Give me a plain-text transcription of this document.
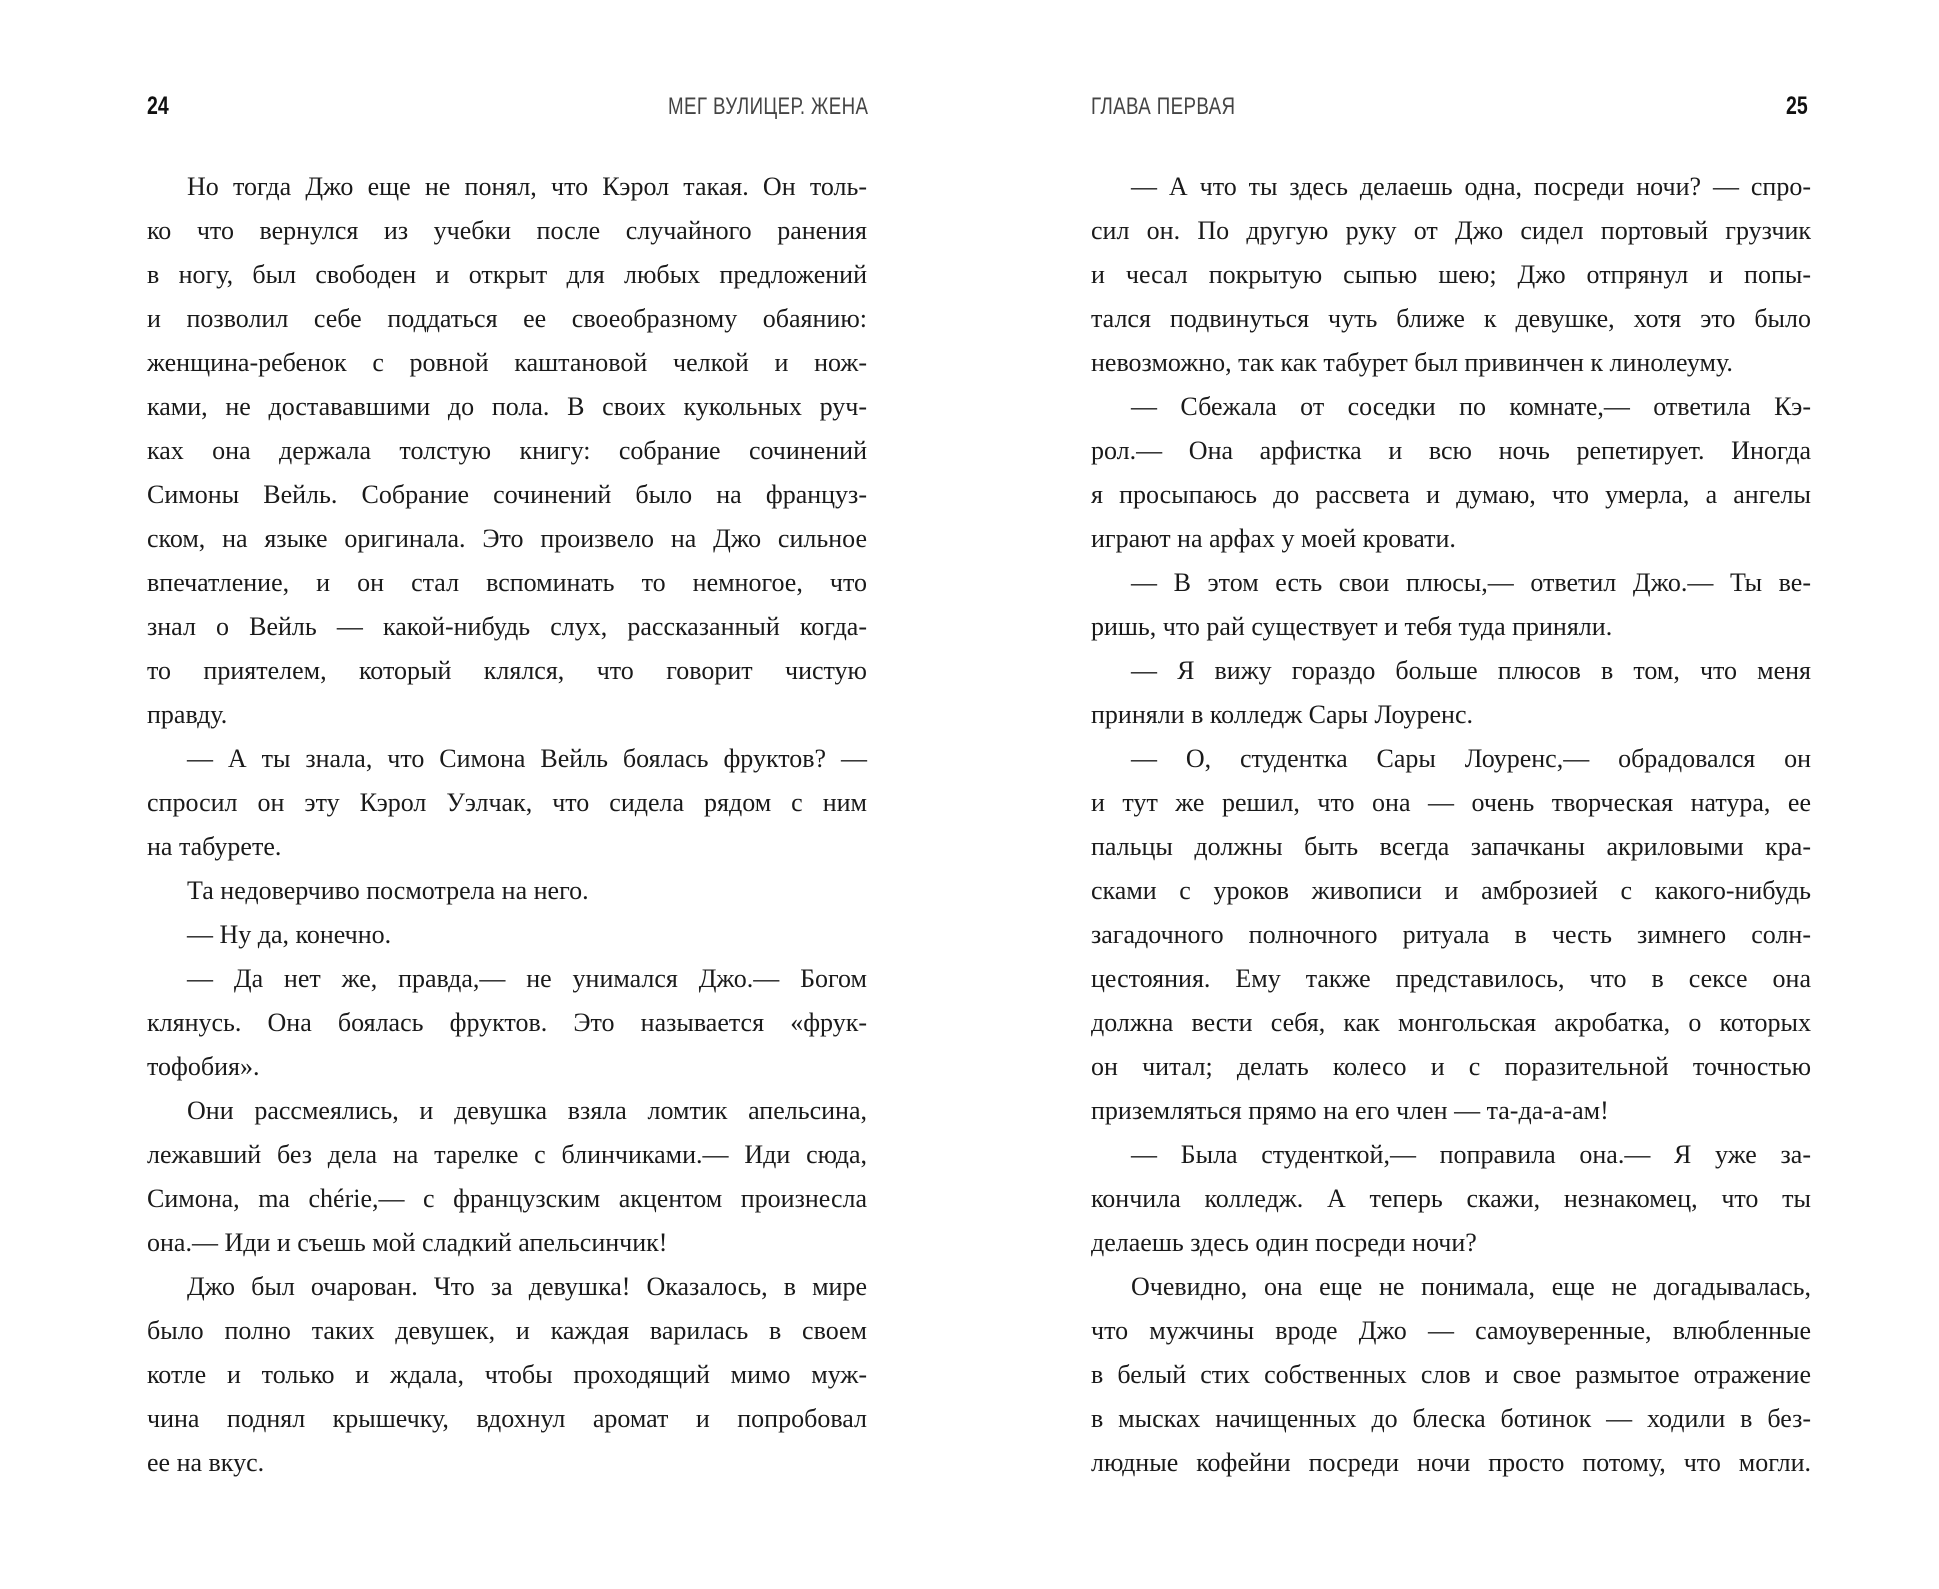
24	МЕГ ВУЛИЦЕР. ЖЕНА
Но тогда Джо еще не понял, что Кэрол такая. Он толь-
ко что вернулся из учебки после случайного ранения
в ногу, был свободен и открыт для любых предложений
и позволил себе поддаться ее своеобразному обаянию:
женщина-ребенок с ровной каштановой челкой и нож-
ками, не достававшими до пола. В своих кукольных руч-
ках она держала толстую книгу: собрание сочинений
Симоны Вейль. Собрание сочинений было на француз-
ском, на языке оригинала. Это произвело на Джо сильное
впечатление, и он стал вспоминать то немногое, что
знал о Вейль — какой-нибудь слух, рассказанный когда-
то приятелем, который клялся, что говорит чистую
правду.
— А ты знала, что Симона Вейль боялась фруктов? —
спросил он эту Кэрол Уэлчак, что сидела рядом с ним
на табурете.
Та недоверчиво посмотрела на него.
— Ну да, конечно.
— Да нет же, правда,— не унимался Джо.— Богом
клянусь. Она боялась фруктов. Это называется «фрук-
тофобия».
Они рассмеялись, и девушка взяла ломтик апельсина,
лежавший без дела на тарелке с блинчиками.— Иди сюда,
Симона, ma chérie,— с французским акцентом произнесла
она.— Иди и съешь мой сладкий апельсинчик!
Джо был очарован. Что за девушка! Оказалось, в мире
было полно таких девушек, и каждая варилась в своем
котле и только и ждала, чтобы проходящий мимо муж-
чина поднял крышечку, вдохнул аромат и попробовал
ее на вкус.
ГЛАВА ПЕРВАЯ	25
— А что ты здесь делаешь одна, посреди ночи? — спро-
сил он. По другую руку от Джо сидел портовый грузчик
и чесал покрытую сыпью шею; Джо отпрянул и попы-
тался подвинуться чуть ближе к девушке, хотя это было
невозможно, так как табурет был привинчен к линолеуму.
— Сбежала от соседки по комнате,— ответила Кэ-
рол.— Она арфистка и всю ночь репетирует. Иногда
я просыпаюсь до рассвета и думаю, что умерла, а ангелы
играют на арфах у моей кровати.
— В этом есть свои плюсы,— ответил Джо.— Ты ве-
ришь, что рай существует и тебя туда приняли.
— Я вижу гораздо больше плюсов в том, что меня
приняли в колледж Сары Лоуренс.
— О, студентка Сары Лоуренс,— обрадовался он
и тут же решил, что она — очень творческая натура, ее
пальцы должны быть всегда запачканы акриловыми кра-
сками с уроков живописи и амброзией с какого-нибудь
загадочного полночного ритуала в честь зимнего солн-
цестояния. Ему также представилось, что в сексе она
должна вести себя, как монгольская акробатка, о которых
он читал; делать колесо и с поразительной точностью
приземляться прямо на его член — та-да-а-ам!
— Была студенткой,— поправила она.— Я уже за-
кончила колледж. А теперь скажи, незнакомец, что ты
делаешь здесь один посреди ночи?
Очевидно, она еще не понимала, еще не догадывалась,
что мужчины вроде Джо — самоуверенные, влюбленные
в белый стих собственных слов и свое размытое отражение
в мысках начищенных до блеска ботинок — ходили в без-
людные кофейни посреди ночи просто потому, что могли.
